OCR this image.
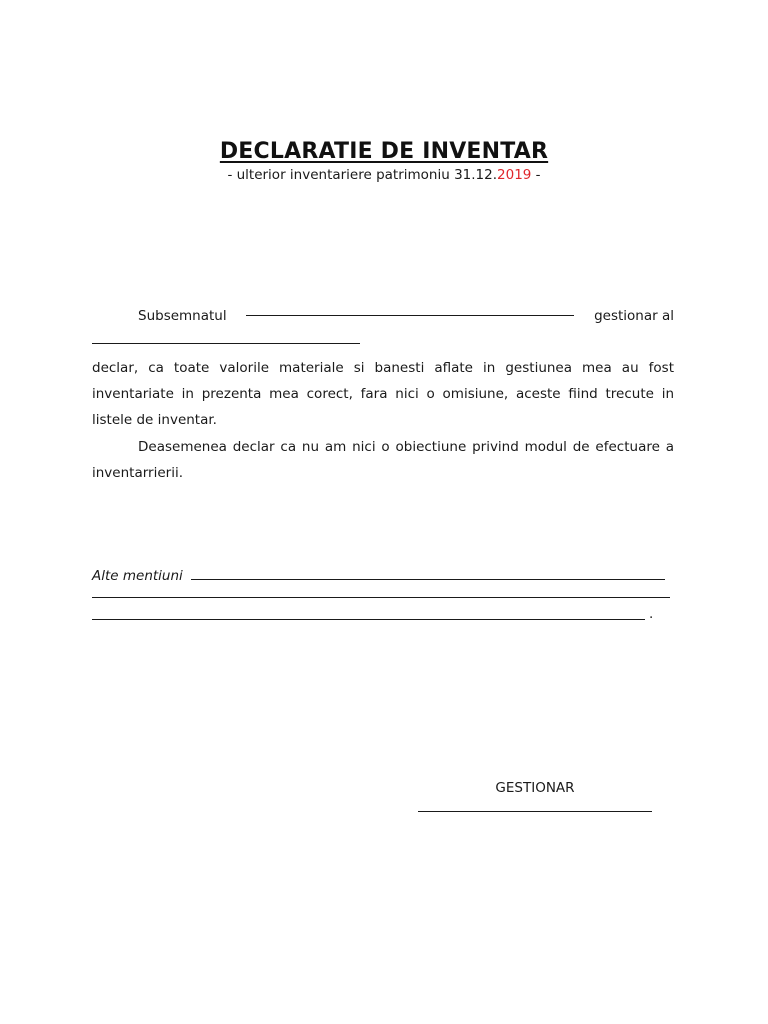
DECLARATIE DE INVENTAR
- ulterior inventariere patrimoniu 31.12.2019 -
Subsemnatul	gestionar al
declar, ca toate valorile materiale si banesti aflate in gestiunea mea au fost inventariate in prezenta mea corect, fara nici o omisiune, aceste fiind trecute in listele de inventar.
Deasemenea declar ca nu am nici o obiectiune privind modul de efectuare a inventarrierii.
Alte mentiuni
.
GESTIONAR
